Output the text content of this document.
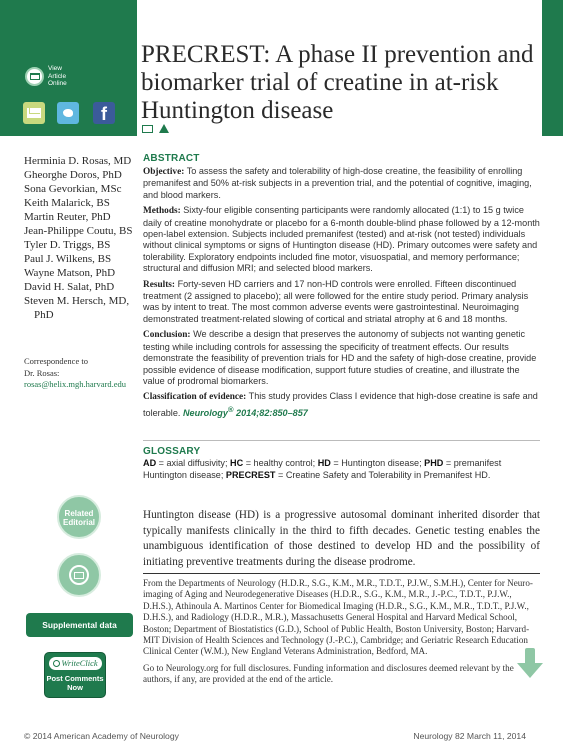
View
Article
Online
f
PRECREST: A phase II prevention and biomarker trial of creatine in at-risk Huntington disease
Herminia D. Rosas, MD
Gheorghe Doros, PhD
Sona Gevorkian, MSc
Keith Malarick, BS
Martin Reuter, PhD
Jean-Philippe Coutu, BS
Tyler D. Triggs, BS
Paul J. Wilkens, BS
Wayne Matson, PhD
David H. Salat, PhD
Steven M. Hersch, MD, PhD
Correspondence to
Dr. Rosas:
rosas@helix.mgh.harvard.edu
ABSTRACT

Objective: To assess the safety and tolerability of high-dose creatine, the feasibility of enrolling premanifest and 50% at-risk subjects in a prevention trial, and the potential of cognitive, imaging, and blood markers.

Methods: Sixty-four eligible consenting participants were randomly allocated (1:1) to 15 g twice daily of creatine monohydrate or placebo for a 6-month double-blind phase followed by a 12-month open-label extension. Subjects included premanifest (tested) and at-risk (not tested) individuals without clinical symptoms or signs of Huntington disease (HD). Primary outcomes were safety and tolerability. Exploratory endpoints included fine motor, visuospatial, and memory performance; structural and diffusion MRI; and selected blood markers.

Results: Forty-seven HD carriers and 17 non-HD controls were enrolled. Fifteen discontinued treatment (2 assigned to placebo); all were followed for the entire study period. Primary analysis was by intent to treat. The most common adverse events were gastrointestinal. Neuroimaging demonstrated treatment-related slowing of cortical and striatal atrophy at 6 and 18 months.

Conclusion: We describe a design that preserves the autonomy of subjects not wanting genetic testing while including controls for assessing the specificity of treatment effects. Our results demonstrate the feasibility of prevention trials for HD and the safety of high-dose creatine, provide possible evidence of disease modification, support future studies of creatine, and illustrate the value of prodromal biomarkers.

Classification of evidence: This study provides Class I evidence that high-dose creatine is safe and tolerable. Neurology® 2014;82:850–857

GLOSSARY

AD = axial diffusivity; HC = healthy control; HD = Huntington disease; PHD = premanifest Huntington disease; PRECREST = Creatine Safety and Tolerability in Premanifest HD.

Huntington disease (HD) is a progressive autosomal dominant inherited disorder that typically manifests clinically in the third to fifth decades. Genetic testing enables the unambiguous identification of those destined to develop HD and the possibility of initiating preventive treatments during the disease prodrome.

From the Departments of Neurology (H.D.R., S.G., K.M., M.R., T.D.T., P.J.W., S.M.H.), Center for Neuro-imaging of Aging and Neurodegenerative Diseases (H.D.R., S.G., K.M., M.R., J.-P.C., T.D.T., P.J.W., D.H.S.), Athinoula A. Martinos Center for Biomedical Imaging (H.D.R., S.G., K.M., M.R., T.D.T., P.J.W., D.H.S.), and Radiology (H.D.R., M.R.), Massachusetts General Hospital and Harvard Medical School, Boston; Department of Biostatistics (G.D.), School of Public Health, Boston University, Boston; Harvard-MIT Division of Health Sciences and Technology (J.-P.C.), Cambridge; and Geriatric Research Education Clinical Center (W.M.), New England Veterans Administration, Bedford, MA.

Go to Neurology.org for full disclosures. Funding information and disclosures deemed relevant by the authors, if any, are provided at the end of the article.

Related
Editorial
Supplemental data
WriteClick
Post Comments
Now
© 2014 American Academy of Neurology	Neurology 82 March 11, 2014
